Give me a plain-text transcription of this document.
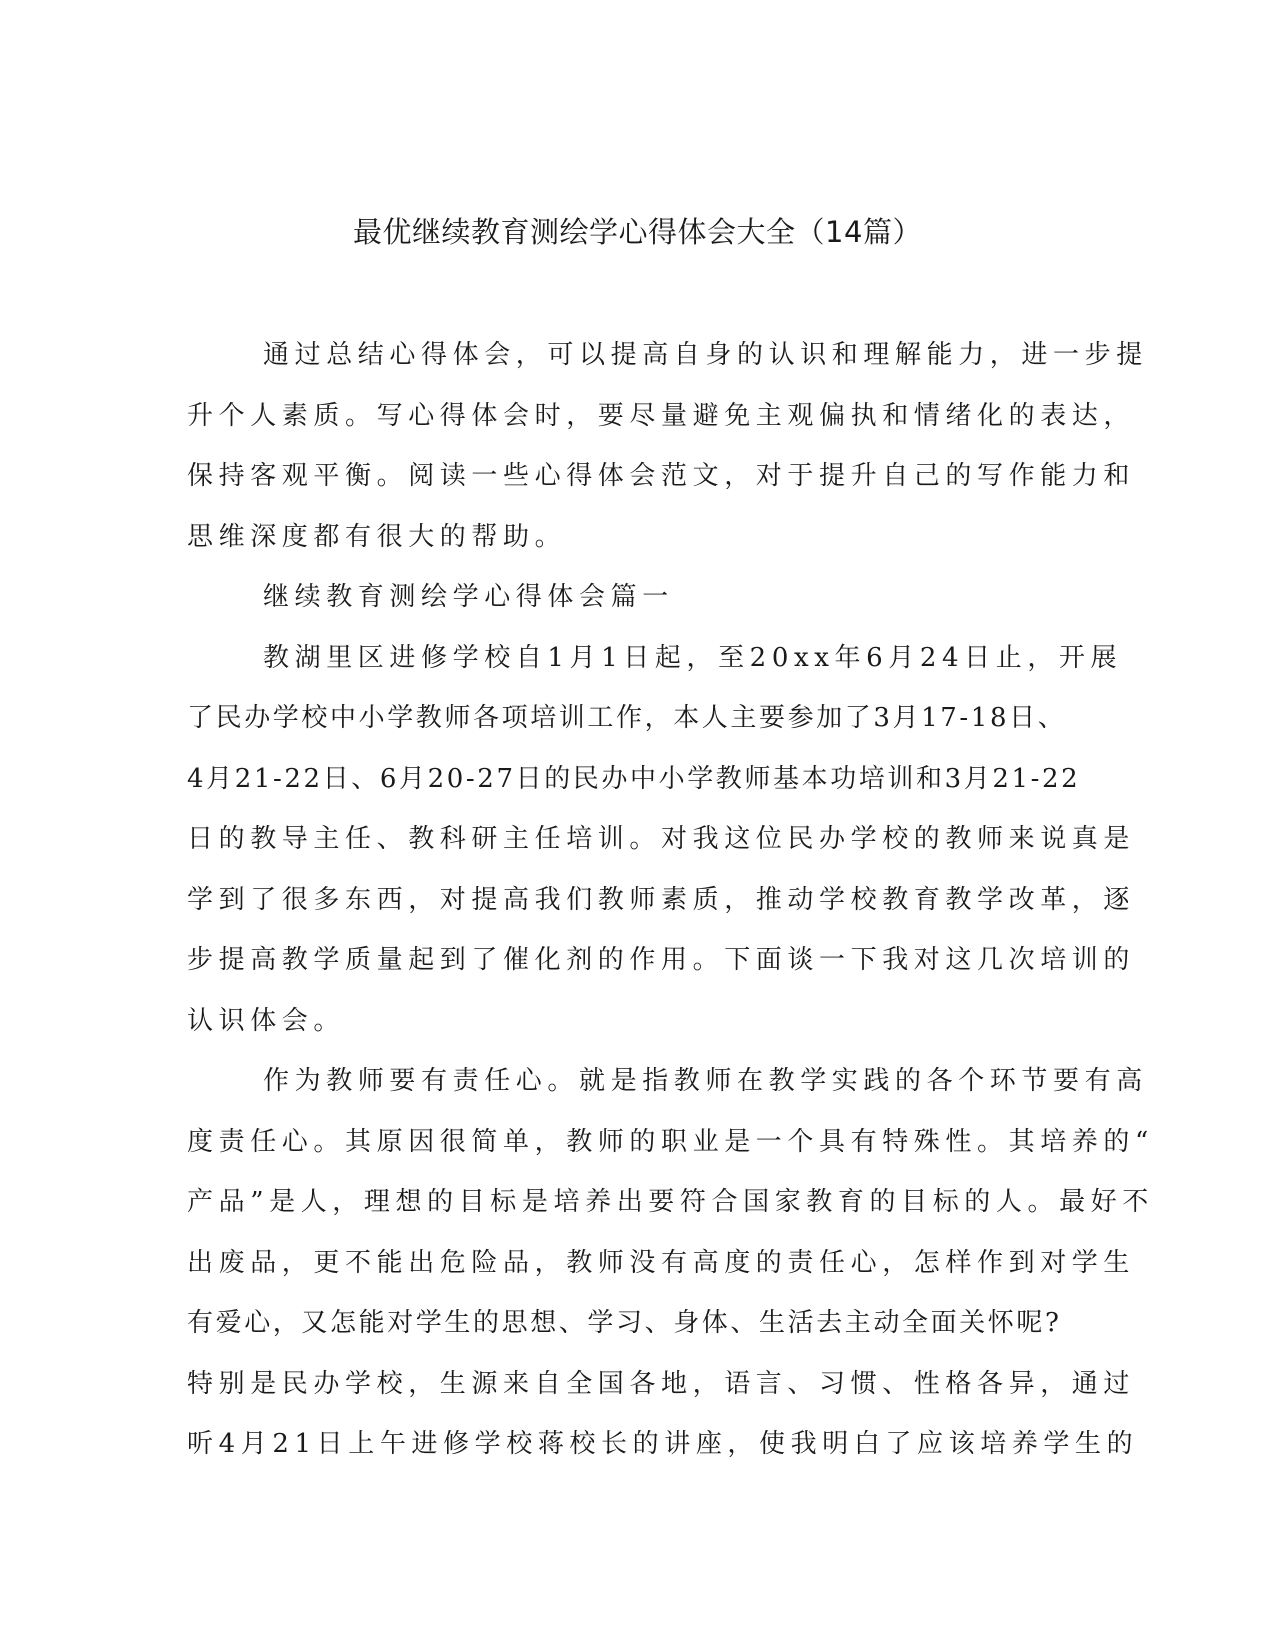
最优继续教育测绘学心得体会大全（14篇）

通过总结心得体会，可以提高自身的认识和理解能力，进一步提

升个人素质。写心得体会时，要尽量避免主观偏执和情绪化的表达，

保持客观平衡。阅读一些心得体会范文，对于提升自己的写作能力和

思维深度都有很大的帮助。

继续教育测绘学心得体会篇一

教湖里区进修学校自1月1日起，至20xx年6月24日止，开展

了民办学校中小学教师各项培训工作，本人主要参加了3月17-18日、

4月21-22日、6月20-27日的民办中小学教师基本功培训和3月21-22

日的教导主任、教科研主任培训。对我这位民办学校的教师来说真是

学到了很多东西，对提高我们教师素质，推动学校教育教学改革，逐

步提高教学质量起到了催化剂的作用。下面谈一下我对这几次培训的

认识体会。

作为教师要有责任心。就是指教师在教学实践的各个环节要有高

度责任心。其原因很简单，教师的职业是一个具有特殊性。其培养的“

产品”是人，理想的目标是培养出要符合国家教育的目标的人。最好不

出废品，更不能出危险品，教师没有高度的责任心，怎样作到对学生

有爱心，又怎能对学生的思想、学习、身体、生活去主动全面关怀呢?

特别是民办学校，生源来自全国各地，语言、习惯、性格各异，通过

听4月21日上午进修学校蒋校长的讲座，使我明白了应该培养学生的
